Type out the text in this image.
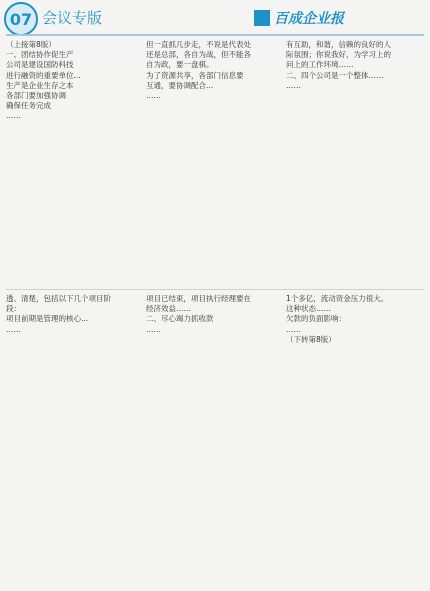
07 会议专版	百成企业报
（上接第8版）
一、团结协作促生产
公司是建设国防科技
进行融资的重要单位...
生产是企业生存之本
各部门要加强协调
确保任务完成
……
但一直抓几步走，不说是代表处
还是总部，各自为战，但不能各
自为政，要一盘棋。
为了资源共享，各部门信息要
互通，要协调配合...
……
有互助，和谐，信赖的良好的人
际氛围；你说我好，为学习上的
问上的工作环境……
二、四个公司是一个整体……
……
透、清楚，包括以下几个项目阶
段：
项目前期是管理的核心...
……
项目已结束，项目执行经理要在
经济效益……
二、尽心竭力抓收款
……
1个多亿，流动资金压力很大。
这种状态……
欠款的负面影响：
……
（下转第8版）
